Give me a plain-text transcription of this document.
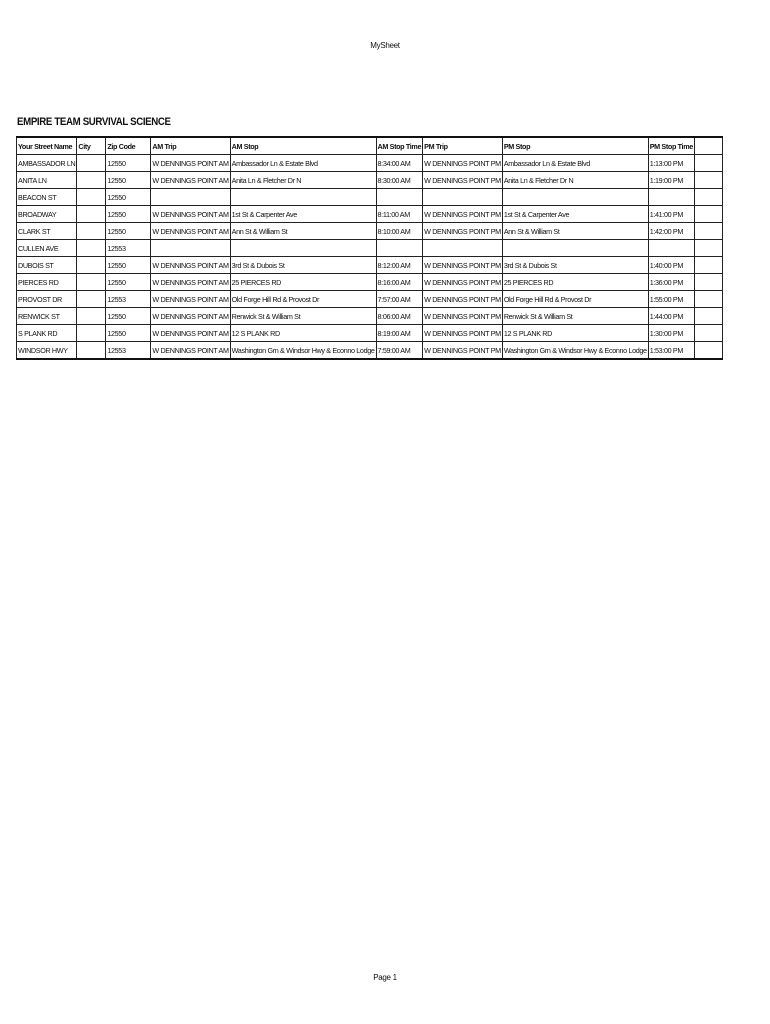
MySheet
EMPIRE TEAM SURVIVAL SCIENCE
Your Street Name	City	Zip Code	AM Trip	AM Stop	AM Stop Time	PM Trip	PM Stop	PM Stop Time	
AMBASSADOR LN		12550	W DENNINGS POINT AM	Ambassador Ln & Estate Blvd	8:34:00 AM	W DENNINGS POINT PM	Ambassador Ln & Estate Blvd	1:13:00 PM	
ANITA LN		12550	W DENNINGS POINT AM	Anita Ln & Fletcher Dr N	8:30:00 AM	W DENNINGS POINT PM	Anita Ln & Fletcher Dr N	1:19:00 PM	
BEACON ST		12550							
BROADWAY		12550	W DENNINGS POINT AM	1st St & Carpenter Ave	8:11:00 AM	W DENNINGS POINT PM	1st St & Carpenter Ave	1:41:00 PM	
CLARK ST		12550	W DENNINGS POINT AM	Ann St & William St	8:10:00 AM	W DENNINGS POINT PM	Ann St & William St	1:42:00 PM	
CULLEN AVE		12553							
DUBOIS ST		12550	W DENNINGS POINT AM	3rd St & Dubois St	8:12:00 AM	W DENNINGS POINT PM	3rd St & Dubois St	1:40:00 PM	
PIERCES RD		12550	W DENNINGS POINT AM	25 PIERCES RD	8:16:00 AM	W DENNINGS POINT PM	25 PIERCES RD	1:36:00 PM	
PROVOST DR		12553	W DENNINGS POINT AM	Old Forge Hill Rd & Provost Dr	7:57:00 AM	W DENNINGS POINT PM	Old Forge Hill Rd & Provost Dr	1:55:00 PM	
RENWICK ST		12550	W DENNINGS POINT AM	Renwick St & William St	8:06:00 AM	W DENNINGS POINT PM	Renwick St & William St	1:44:00 PM	
S PLANK RD		12550	W DENNINGS POINT AM	12 S PLANK RD	8:19:00 AM	W DENNINGS POINT PM	12 S PLANK RD	1:30:00 PM	
WINDSOR HWY		12553	W DENNINGS POINT AM	Washington Grn & Windsor Hwy & Econno Lodge	7:59:00 AM	W DENNINGS POINT PM	Washington Grn & Windsor Hwy & Econno Lodge	1:53:00 PM	
Page 1
